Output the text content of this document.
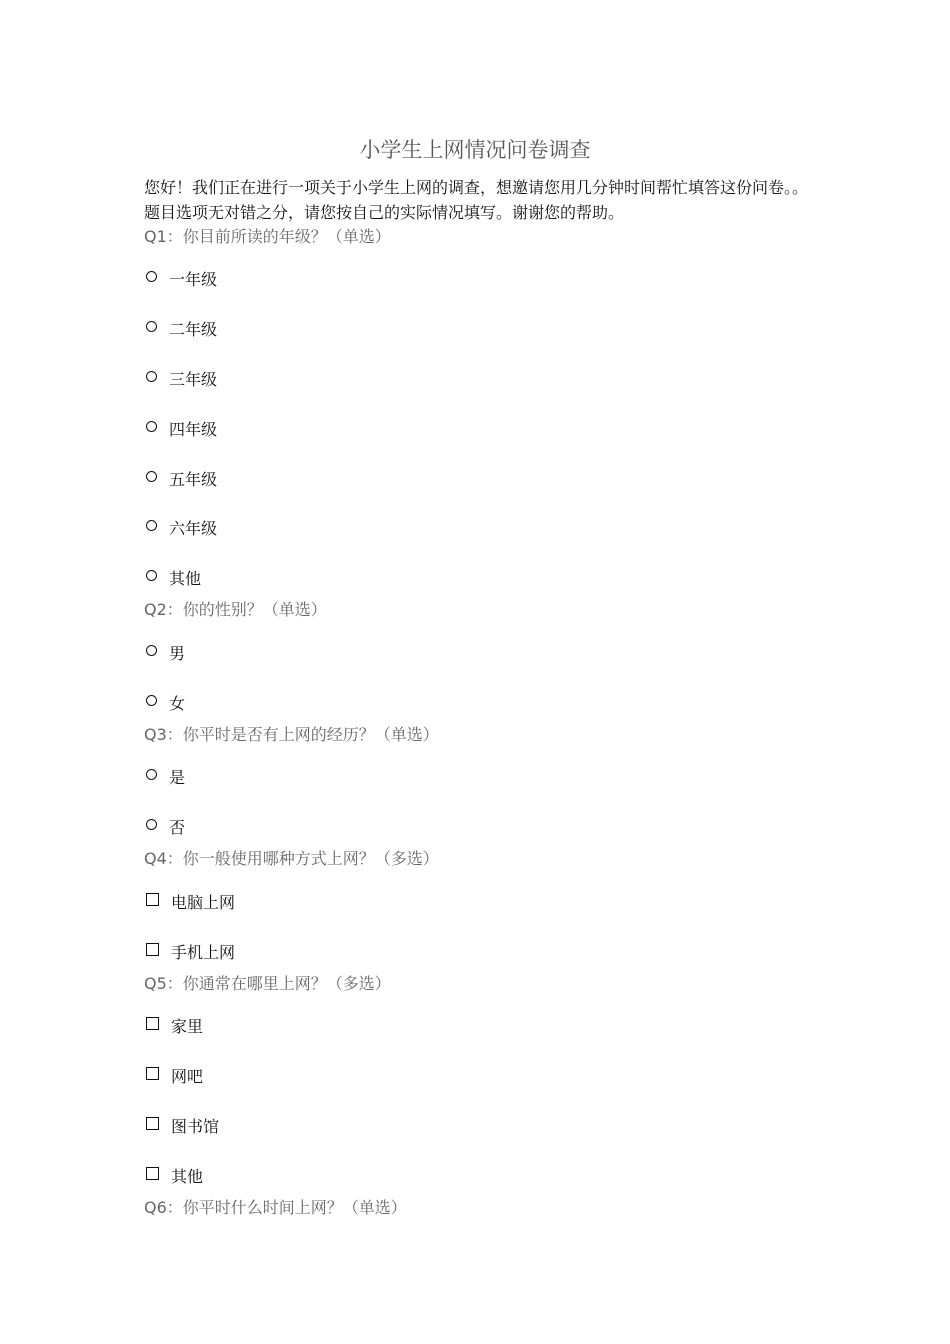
小学生上网情况问卷调查
您好！我们正在进行一项关于小学生上网的调查，想邀请您用几分钟时间帮忙填答这份问卷。。题目选项无对错之分，请您按自己的实际情况填写。谢谢您的帮助。
Q1：你目前所读的年级？（单选）
一年级
二年级
三年级
四年级
五年级
六年级
其他
Q2：你的性别？（单选）
男
女
Q3：你平时是否有上网的经历？（单选）
是
否
Q4：你一般使用哪种方式上网？（多选）
电脑上网
手机上网
Q5：你通常在哪里上网？（多选）
家里
网吧
图书馆
其他
Q6：你平时什么时间上网？（单选）
